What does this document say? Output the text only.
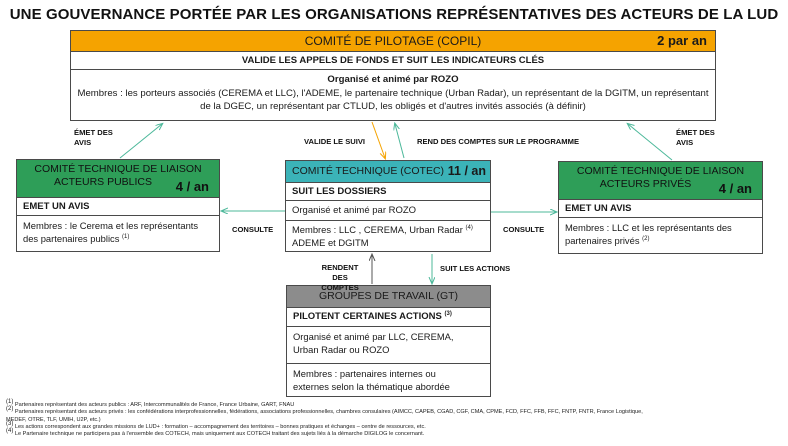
UNE GOUVERNANCE PORTÉE PAR LES ORGANISATIONS REPRÉSENTATIVES DES ACTEURS DE LA LUD
COMITÉ DE PILOTAGE (COPIL)	2 par an
VALIDE LES APPELS DE FONDS ET SUIT LES INDICATEURS CLÉS
Organisé et animé par ROZO
Membres : les porteurs associés (CEREMA et LLC), l'ADEME, le partenaire technique (Urban Radar), un représentant de la DGITM, un représentant de la DGEC, un représentant par CTLUD, les obligés et d'autres invités associés (à définir)
COMITÉ TECHNIQUE DE LIAISON
ACTEURS PUBLICS	4 / an
EMET UN AVIS
Membres : le Cerema et les représentants des partenaires publics $^{(1)}$
COMITÉ TECHNIQUE DE LIAISON
ACTEURS PRIVÉS	4 / an
EMET UN AVIS
Membres : LLC et les représentants des partenaires privés $^{(2)}$
COMITÉ TECHNIQUE (COTEC) 11 / an
SUIT LES DOSSIERS
Organisé et animé par ROZO
Membres : LLC , CEREMA, Urban Radar $^{(4)}$
ADEME et DGITM
GROUPES DE TRAVAIL (GT)
PILOTENT CERTAINES ACTIONS $^{(3)}$
Organisé et animé par LLC, CEREMA,
Urban Radar ou ROZO
Membres : partenaires internes ou
externes selon la thématique abordée
ÉMET DES AVIS
ÉMET DES AVIS
VALIDE LE SUIVI	REND DES COMPTES SUR LE PROGRAMME
CONSULTE	CONSULTE
RENDENT DES COMPTES
SUIT LES ACTIONS
$^{(1)}$ Partenaires représentant des acteurs publics : ARF, Intercommunalités de France, France Urbaine, GART, FNAU
$^{(2)}$ Partenaires représentant des acteurs privés : les confédérations interprofessionnelles, fédérations, associations professionnelles, chambres consulaires (AIMCC, CAPEB, CGAD, CGF, CMA, CPME, FCD, FFC, FFB, FFC, FNTP, FNTR, France Logistique,
MEDEF, OTRE, TLF, UMIH, U2P, etc.)
$^{(3)}$ Les actions correspondent aux grandes missions de LUD+ : formation – accompagnement des territoires – bonnes pratiques et échanges – centre de ressources, etc.
$^{(4)}$ Le Partenaire technique ne participera pas à l'ensemble des COTECH, mais uniquement aux COTECH traitant des sujets liés à la démarche DIGILOG le concernant.
